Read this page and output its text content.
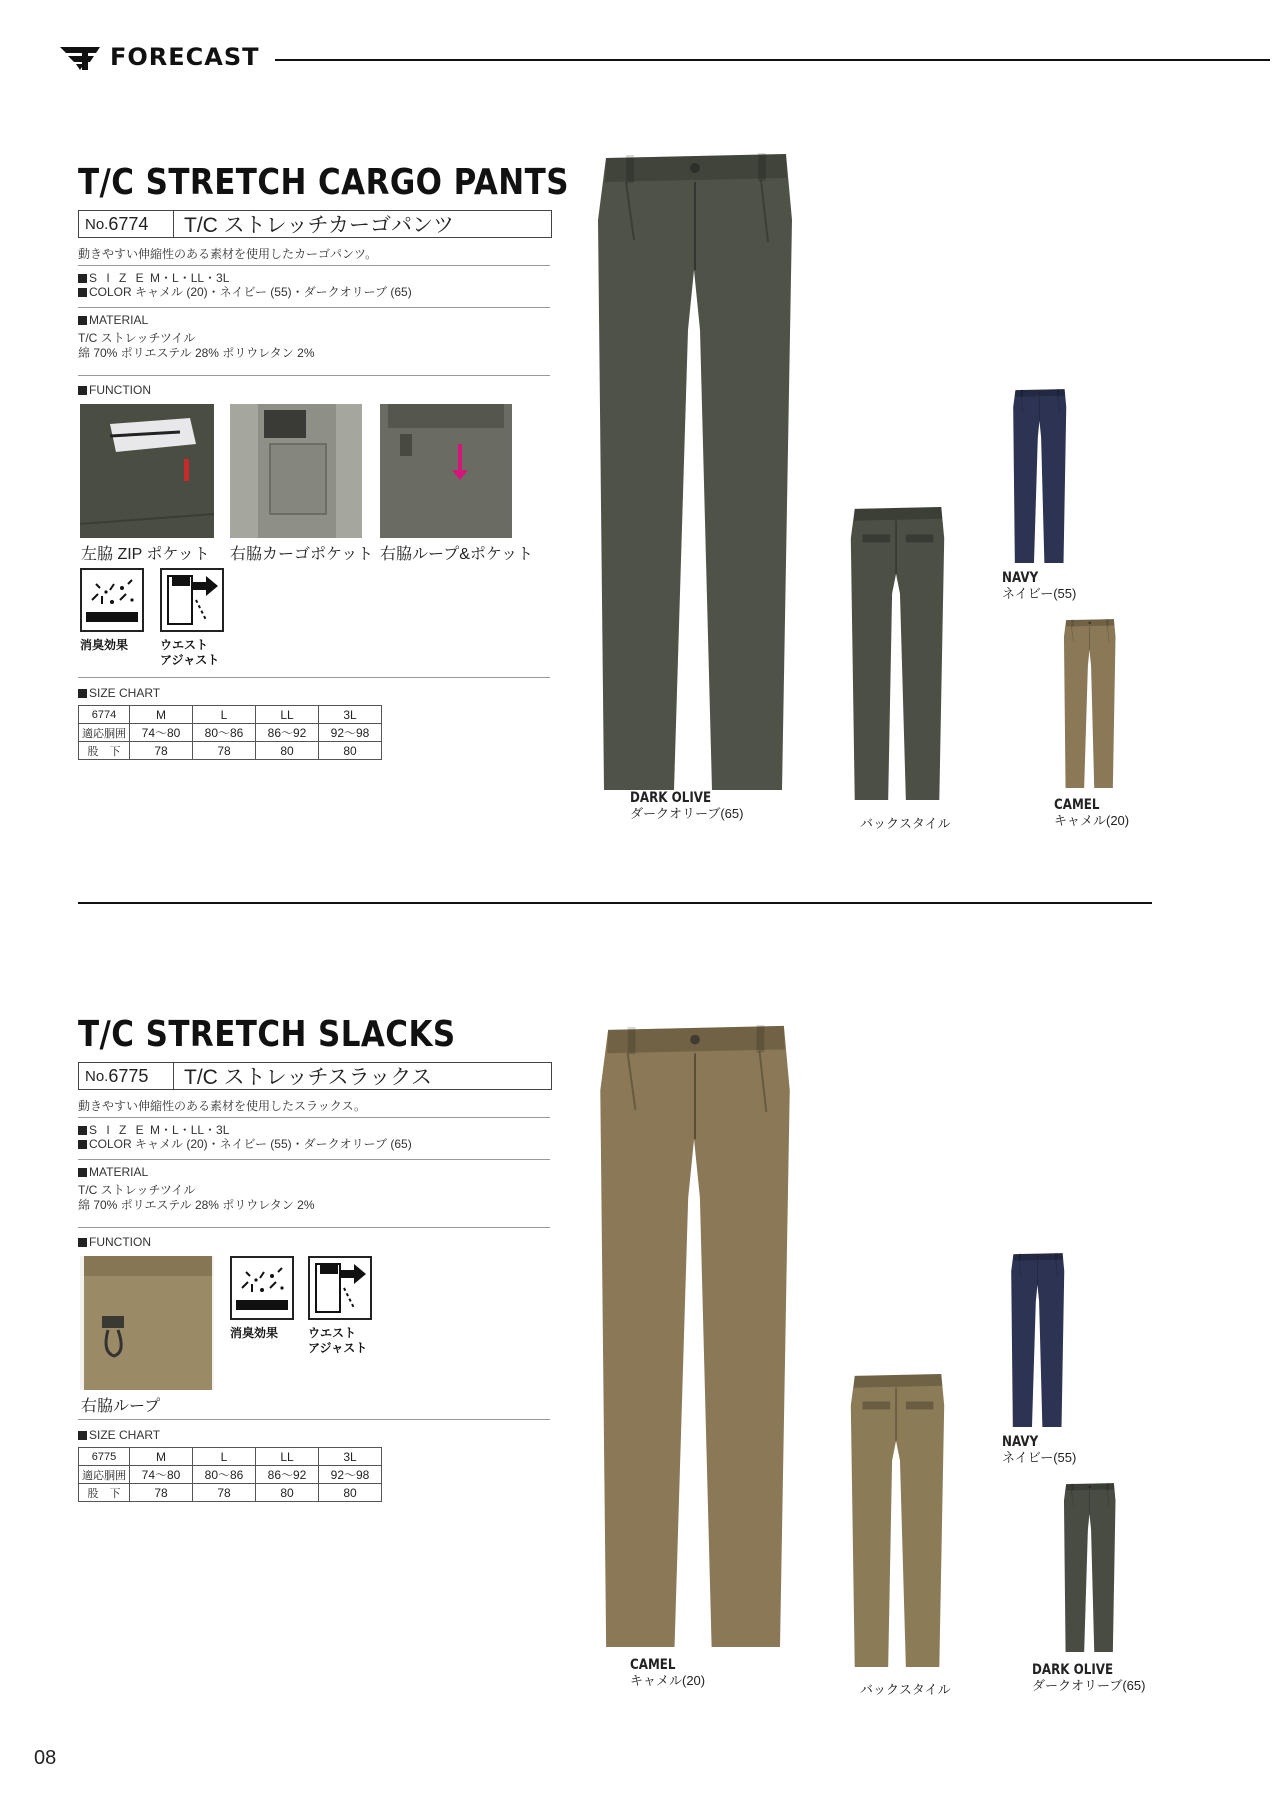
FORECAST
T/C STRETCH CARGO PANTS
No. 6774	T/C ストレッチカーゴパンツ
動きやすい伸縮性のある素材を使用したカーゴパンツ。
S I Z E M・L・LL・3L
COLOR キャメル (20)・ネイビー (55)・ダークオリーブ (65)
MATERIAL
T/C ストレッチツイル
綿 70% ポリエステル 28% ポリウレタン 2%
FUNCTION
左脇 ZIP ポケット 右脇カーゴポケット 右脇ループ&ポケット
消臭効果	ウエスト
アジャスト
SIZE CHART
6774	M	L	LL	3L
適応胴囲	74～80	80～86	86～92	92～98
股　下	78	78	80	80
DARK OLIVE
ダークオリーブ(65)
バックスタイル
NAVY
ネイビー(55)
CAMEL
キャメル(20)
T/C STRETCH SLACKS
No. 6775	T/C ストレッチスラックス
動きやすい伸縮性のある素材を使用したスラックス。
S I Z E M・L・LL・3L
COLOR キャメル (20)・ネイビー (55)・ダークオリーブ (65)
MATERIAL
T/C ストレッチツイル
綿 70% ポリエステル 28% ポリウレタン 2%
FUNCTION
右脇ループ
消臭効果 ウエスト
アジャスト
SIZE CHART
6775	M	L	LL	3L
適応胴囲	74～80	80～86	86～92	92～98
股　下	78	78	80	80
CAMEL
キャメル(20)
バックスタイル
NAVY
ネイビー(55)
DARK OLIVE
ダークオリーブ(65)
08
